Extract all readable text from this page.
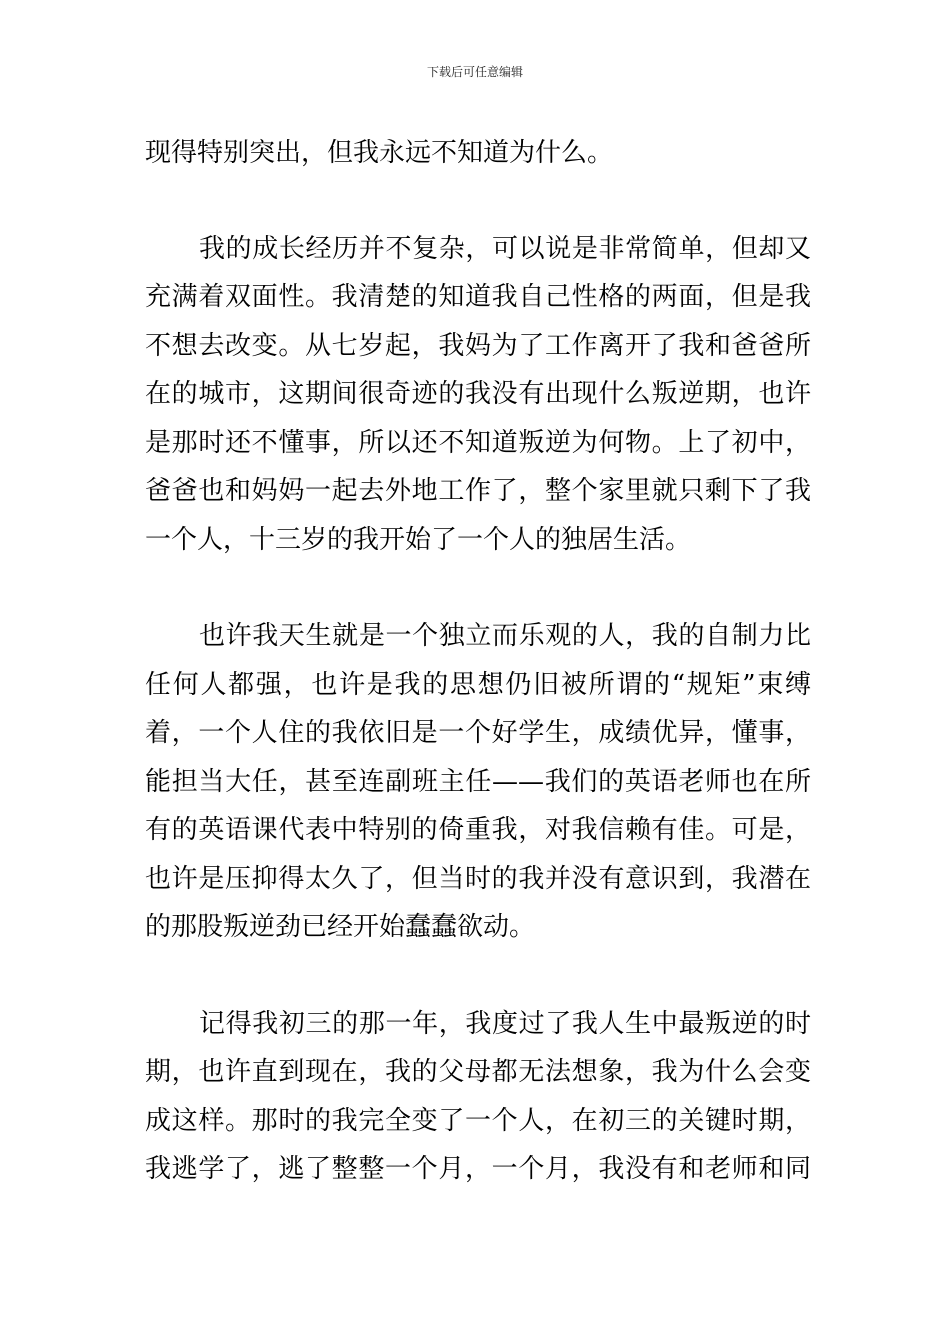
下载后可任意编辑
现得特别突出，但我永远不知道为什么。
我的成长经历并不复杂，可以说是非常简单，但却又
充满着双面性。我清楚的知道我自己性格的两面，但是我
不想去改变。从七岁起，我妈为了工作离开了我和爸爸所
在的城市，这期间很奇迹的我没有出现什么叛逆期，也许
是那时还不懂事，所以还不知道叛逆为何物。上了初中，
爸爸也和妈妈一起去外地工作了，整个家里就只剩下了我
一个人，十三岁的我开始了一个人的独居生活。
也许我天生就是一个独立而乐观的人，我的自制力比
任何人都强，也许是我的思想仍旧被所谓的“规矩”束缚
着，一个人住的我依旧是一个好学生，成绩优异，懂事，
能担当大任，甚至连副班主任——我们的英语老师也在所
有的英语课代表中特别的倚重我，对我信赖有佳。可是，
也许是压抑得太久了，但当时的我并没有意识到，我潜在
的那股叛逆劲已经开始蠢蠢欲动。
记得我初三的那一年，我度过了我人生中最叛逆的时
期，也许直到现在，我的父母都无法想象，我为什么会变
成这样。那时的我完全变了一个人，在初三的关键时期，
我逃学了，逃了整整一个月，一个月，我没有和老师和同
